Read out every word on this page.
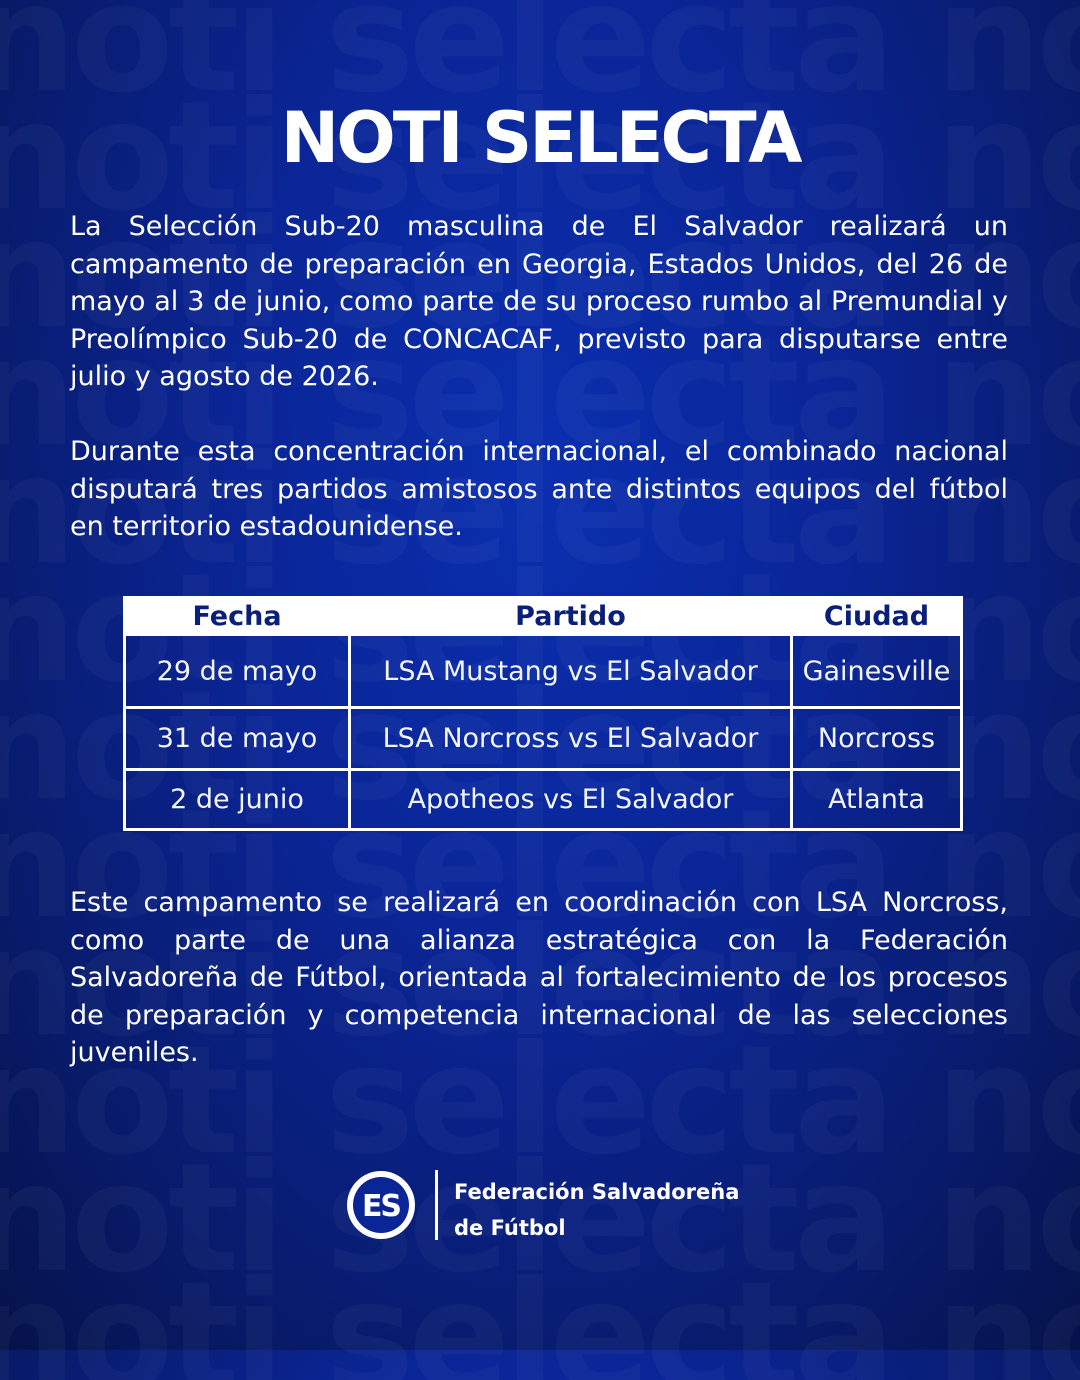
NOTI SELECTA

La Selección Sub-20 masculina de El Salvador realizará un campamento de preparación en Georgia, Estados Unidos, del 26 de mayo al 3 de junio, como parte de su proceso rumbo al Premundial y Preolímpico Sub-20 de CONCACAF, previsto para disputarse entre julio y agosto de 2026.

Durante esta concentración internacional, el combinado nacional disputará tres partidos amistosos ante distintos equipos del fútbol en territorio estadounidense.

Fecha	Partido	Ciudad
29 de mayo	LSA Mustang vs El Salvador	Gainesville
31 de mayo	LSA Norcross vs El Salvador	Norcross
2 de junio	Apotheos vs El Salvador	Atlanta

Este campamento se realizará en coordinación con LSA Norcross, como parte de una alianza estratégica con la Federación Salvadoreña de Fútbol, orientada al fortalecimiento de los procesos de preparación y competencia internacional de las selecciones juveniles.

ES	Federación Salvadoreña
de Fútbol
